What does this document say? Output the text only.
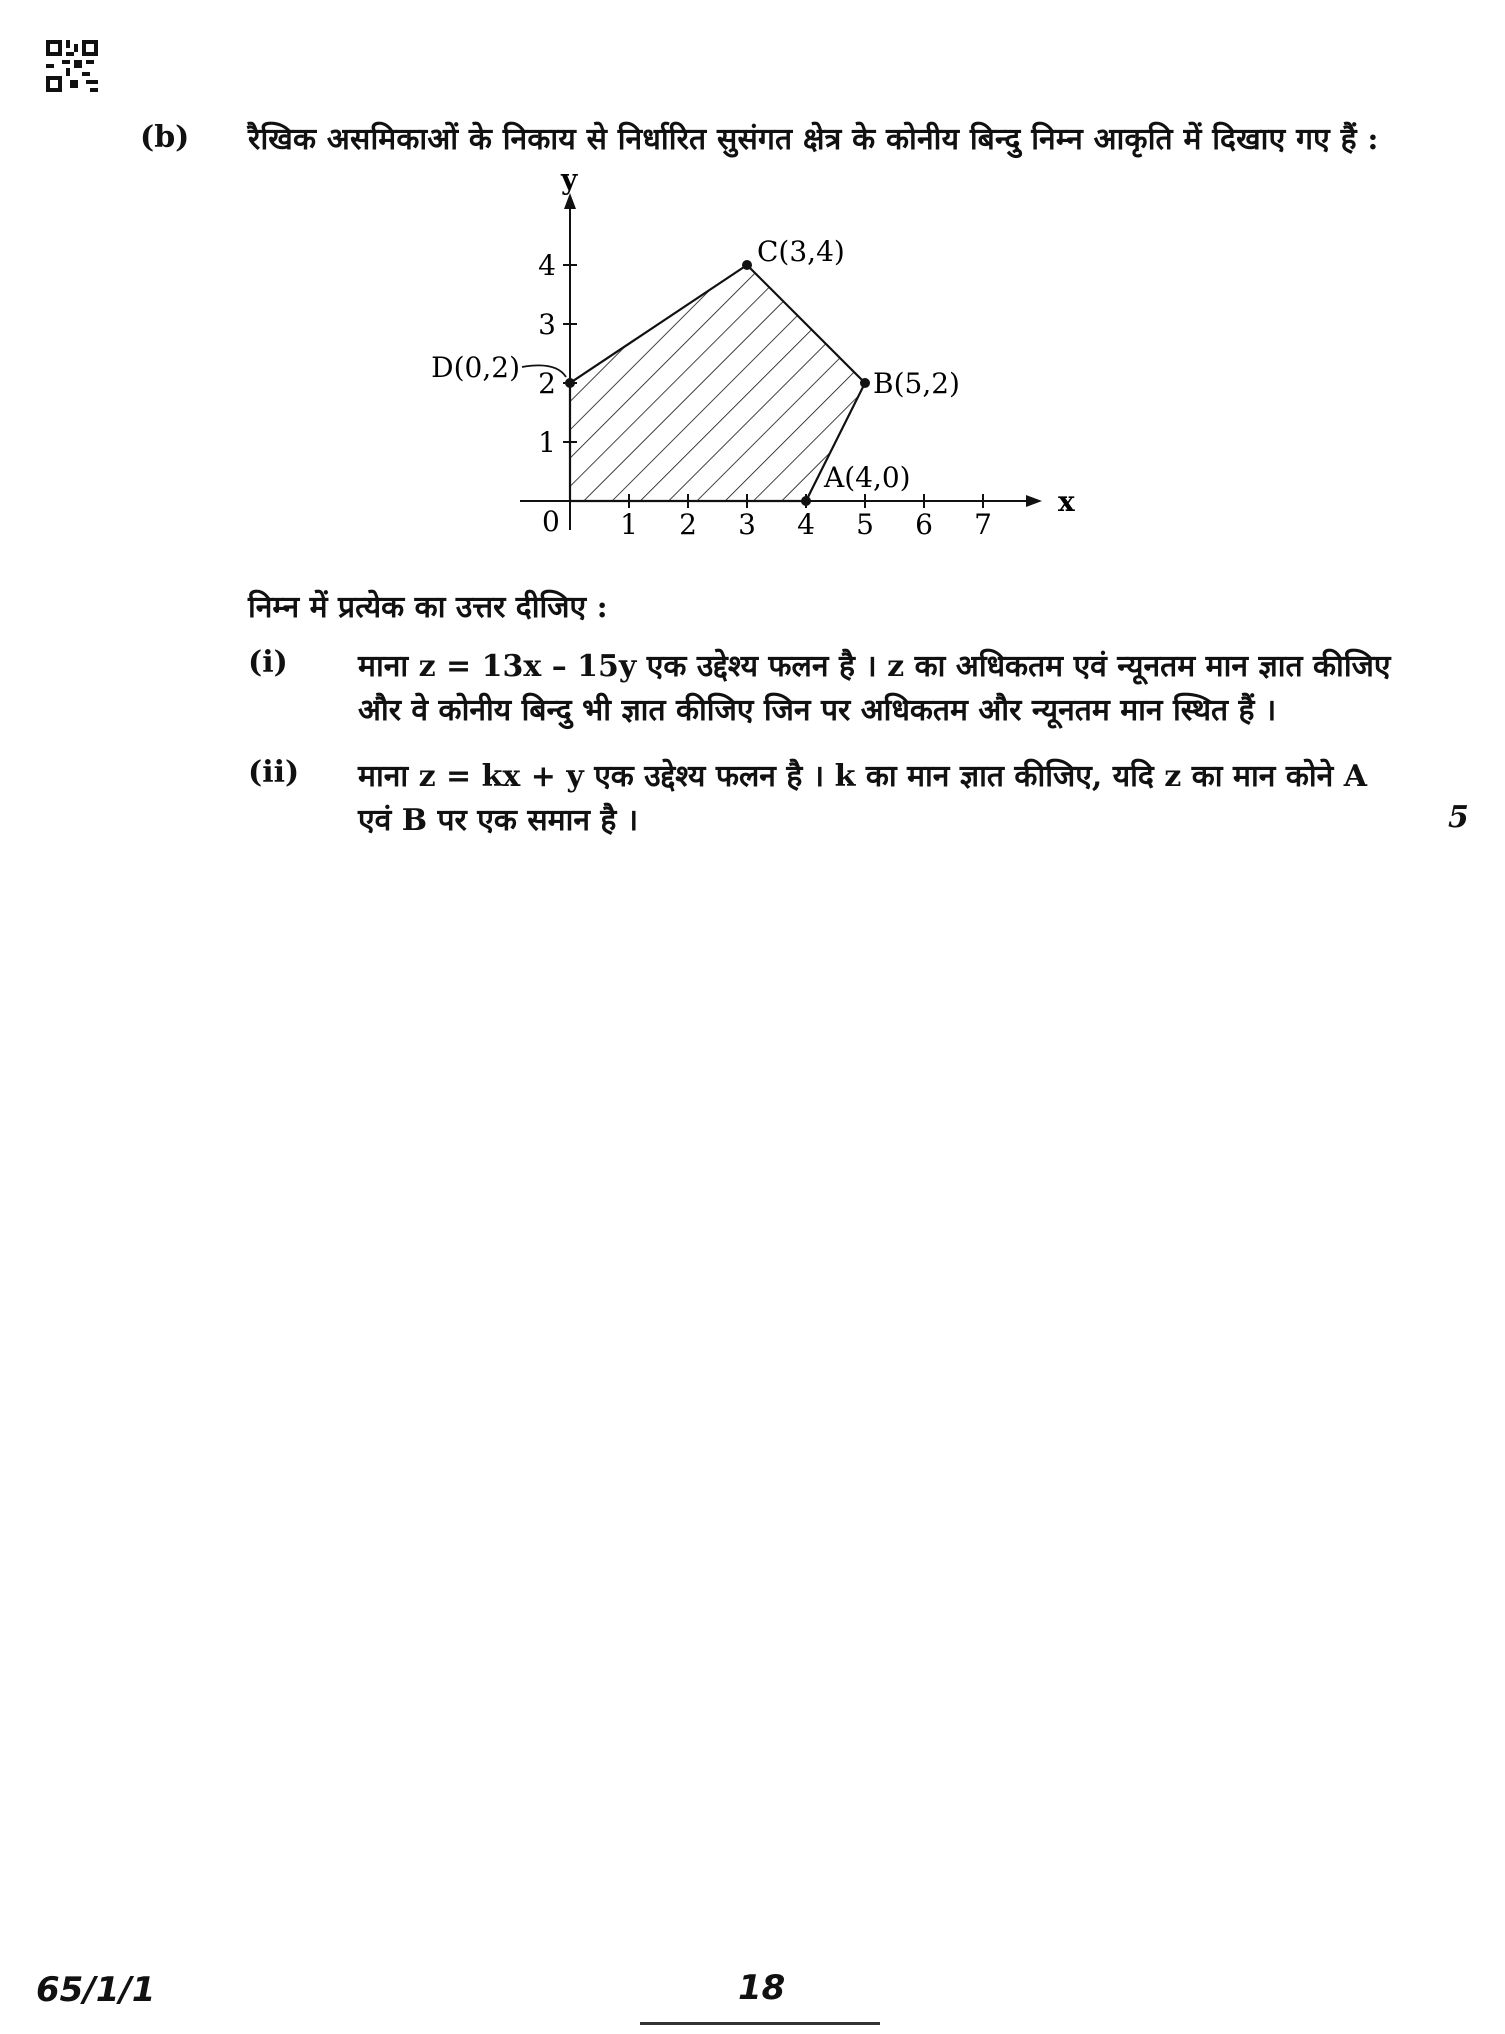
(b) रैखिक असमिकाओं के निकाय से निर्धारित सुसंगत क्षेत्र के कोनीय बिन्दु निम्न आकृति में दिखाए गए हैं :
x
y
0 1 2 3 4 5 6 7
1
2
3
4
A(4,0)
B(5,2)
C(3,4)
D(0,2)
निम्न में प्रत्येक का उत्तर दीजिए :
(i) माना z = 13x – 15y एक उद्देश्य फलन है । z का अधिकतम एवं न्यूनतम मान ज्ञात कीजिए
और वे कोनीय बिन्दु भी ज्ञात कीजिए जिन पर अधिकतम और न्यूनतम मान स्थित हैं ।
(ii) माना z = kx + y एक उद्देश्य फलन है । k का मान ज्ञात कीजिए, यदि z का मान कोने A
एवं B पर एक समान है ।	5
65/1/1	18
